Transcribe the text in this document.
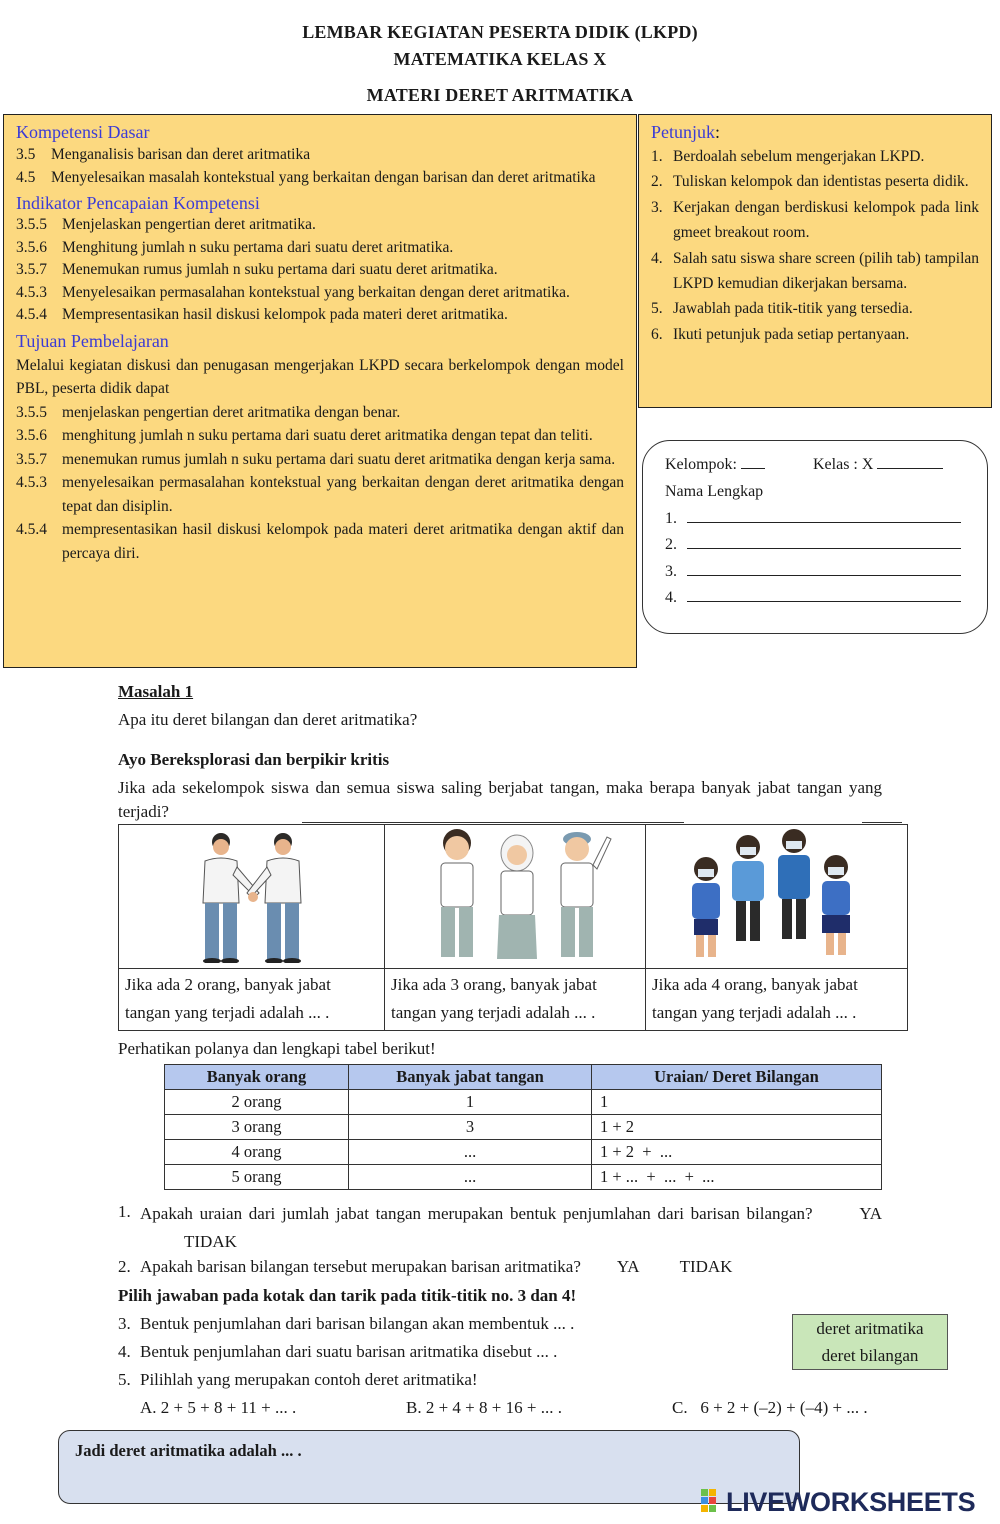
LEMBAR KEGIATAN PESERTA DIDIK (LKPD)
MATEMATIKA KELAS X
MATERI DERET ARITMATIKA
Kompetensi Dasar
3.5 Menganalisis barisan dan deret aritmatika
4.5 Menyelesaikan masalah kontekstual yang berkaitan dengan barisan dan deret aritmatika
Indikator Pencapaian Kompetensi
3.5.5 Menjelaskan pengertian deret aritmatika.
3.5.6 Menghitung jumlah n suku pertama dari suatu deret aritmatika.
3.5.7 Menemukan rumus jumlah n suku pertama dari suatu deret aritmatika.
4.5.3 Menyelesaikan permasalahan kontekstual yang berkaitan dengan deret aritmatika.
4.5.4 Mempresentasikan hasil diskusi kelompok pada materi deret aritmatika.
Tujuan Pembelajaran
Melalui kegiatan diskusi dan penugasan mengerjakan LKPD secara berkelompok dengan model PBL, peserta didik dapat
3.5.5 menjelaskan pengertian deret aritmatika dengan benar.
3.5.6 menghitung jumlah n suku pertama dari suatu deret aritmatika dengan tepat dan teliti.
3.5.7 menemukan rumus jumlah n suku pertama dari suatu deret aritmatika dengan kerja sama.
4.5.3 menyelesaikan permasalahan kontekstual yang berkaitan dengan deret aritmatika dengan tepat dan disiplin.
4.5.4 mempresentasikan hasil diskusi kelompok pada materi deret aritmatika dengan aktif dan percaya diri.
Petunjuk:
1. Berdoalah sebelum mengerjakan LKPD.
2. Tuliskan kelompok dan identistas peserta didik.
3. Kerjakan dengan berdiskusi kelompok pada link gmeet breakout room.
4. Salah satu siswa share screen (pilih tab) tampilan LKPD kemudian dikerjakan bersama.
5. Jawablah pada titik-titik yang tersedia.
6. Ikuti petunjuk pada setiap pertanyaan.
Kelompok:	Kelas : X
Nama Lengkap
1.
2.
3.
4.
Masalah 1
Apa itu deret bilangan dan deret aritmatika?
Ayo Bereksplorasi dan berpikir kritis
Jika ada sekelompok siswa dan semua siswa saling berjabat tangan, maka berapa banyak jabat tangan yang terjadi?

Jika ada 2 orang, banyak jabat tangan yang terjadi adalah ... .	Jika ada 3 orang, banyak jabat tangan yang terjadi adalah ... .	Jika ada 4 orang, banyak jabat tangan yang terjadi adalah ... .
Perhatikan polanya dan lengkapi tabel berikut!
Banyak orang	Banyak jabat tangan	Uraian/ Deret Bilangan
2 orang	1	1
3 orang	3	1 + 2
4 orang	...	1 + 2  +  ...
5 orang	...	1 + ...  +  ...  +  ...
1. Apakah uraian dari jumlah jabat tangan merupakan bentuk penjumlahan dari barisan bilangan?	YATIDAK
2. Apakah barisan bilangan tersebut merupakan barisan aritmatika? YA TIDAK
Pilih jawaban pada kotak dan tarik pada titik-titik no. 3 dan 4!
3. Bentuk penjumlahan dari barisan bilangan akan membentuk ... .
4. Bentuk penjumlahan dari suatu barisan aritmatika disebut ... .
5. Pilihlah yang merupakan contoh deret aritmatika!
A. 2 + 5 + 8 + 11 + ... .	B. 2 + 4 + 8 + 16 + ... .	C.   6 + 2 + (–2) + (–4) + ... .
deret aritmatika
deret bilangan
Jadi deret aritmatika adalah ... .
LIVEWORKSHEETS
